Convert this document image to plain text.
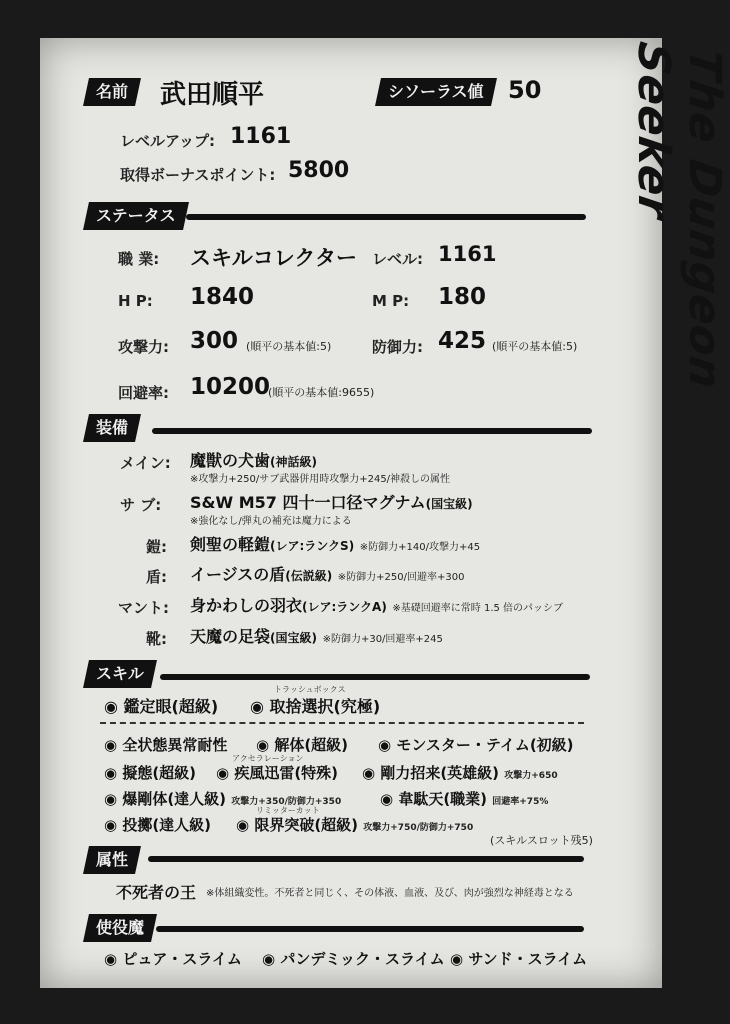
The Dungeon Seeker
名前	武田順平	シソーラス値	50
レベルアップ: 1161
取得ボーナスポイント: 5800
ステータス
職 業: スキルコレクター レベル: 1161
H P: 1840	M P: 180
攻撃力: 300 (順平の基本値:5)	防御力: 425 (順平の基本値:5)
回避率: 10200
(順平の基本値:9655)
装備
メイン: 魔獣の犬歯(神話級)
※攻撃力+250/サブ武器併用時攻撃力+245/神殺しの属性
サ ブ: S&W M57 四十一口径マグナム(国宝級)
※強化なし/弾丸の補充は魔力による
鎧: 剣聖の軽鎧(レア:ランクS) ※防御力+140/攻撃力+45
盾: イージスの盾(伝説級) ※防御力+250/回避率+300
マント: 身かわしの羽衣(レア:ランクA) ※基礎回避率に常時 1.5 倍のパッシブ
靴: 天魔の足袋(国宝級) ※防御力+30/回避率+245
スキル
◉ 鑑定眼(超級)
トラッシュボックス
◉ 取捨選択(究極)
◉ 全状態異常耐性 ◉ 解体(超級) ◉ モンスター・テイム(初級)
◉ 擬態(超級)
アクセラレーション
◉ 疾風迅雷(特殊) ◉ 剛力招来(英雄級) 攻撃力+650
◉ 爆剛体(達人級) 攻撃力+350/防御力+350	◉ 韋駄天(職業) 回避率+75%
◉ 投擲(達人級)
リミッターカット
◉ 限界突破(超級) 攻撃力+750/防御力+750
(スキルスロット残5)
属性
不死者の王 ※体組織変性。不死者と同じく、その体液、血液、及び、肉が強烈な神経毒となる
使役魔
◉ ピュア・スライム ◉ パンデミック・スライム ◉ サンド・スライム
